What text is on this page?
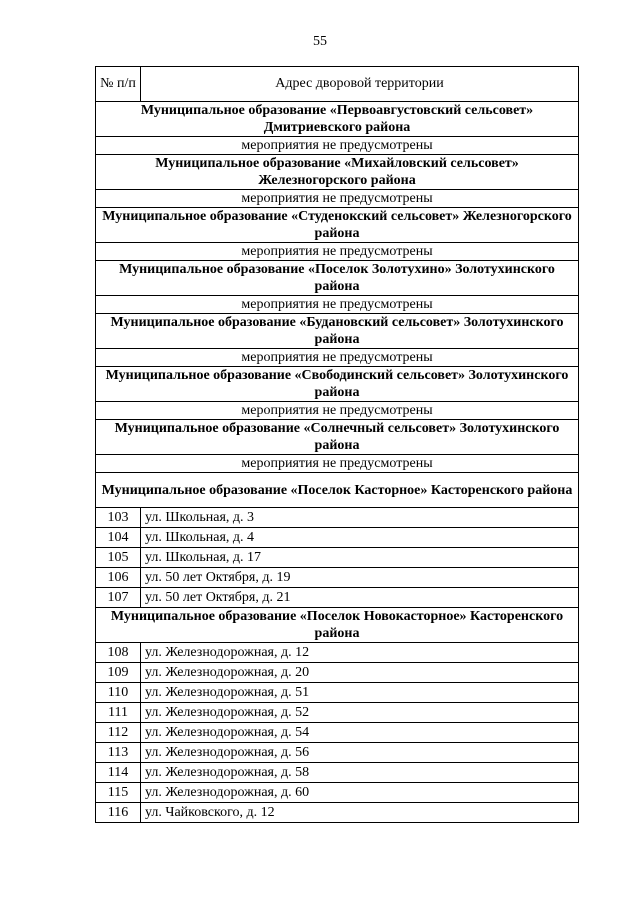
55
№ п/п	Адрес дворовой территории
Муниципальное образование «Первоавгустовский сельсовет» Дмитриевского района	
мероприятия не предусмотрены	
Муниципальное образование «Михайловский сельсовет» Железногорского района	
мероприятия не предусмотрены	
Муниципальное образование «Студенокский сельсовет» Железногорского района	
мероприятия не предусмотрены	
Муниципальное образование «Поселок Золотухино» Золотухинского района	
мероприятия не предусмотрены	
Муниципальное образование «Будановский сельсовет» Золотухинского района	
мероприятия не предусмотрены	
Муниципальное образование «Свободинский сельсовет» Золотухинского района	
мероприятия не предусмотрены	
Муниципальное образование «Солнечный сельсовет» Золотухинского района	
мероприятия не предусмотрены	
Муниципальное образование «Поселок Касторное» Касторенского района	
103	ул. Школьная, д. 3
104	ул. Школьная, д. 4
105	ул. Школьная, д. 17
106	ул. 50 лет Октября, д. 19
107	ул. 50 лет Октября, д. 21
Муниципальное образование «Поселок Новокасторное» Касторенского района	
108	ул. Железнодорожная, д. 12
109	ул. Железнодорожная, д. 20
110	ул. Железнодорожная, д. 51
111	ул. Железнодорожная, д. 52
112	ул. Железнодорожная, д. 54
113	ул. Железнодорожная, д. 56
114	ул. Железнодорожная, д. 58
115	ул. Железнодорожная, д. 60
116	ул. Чайковского, д. 12
